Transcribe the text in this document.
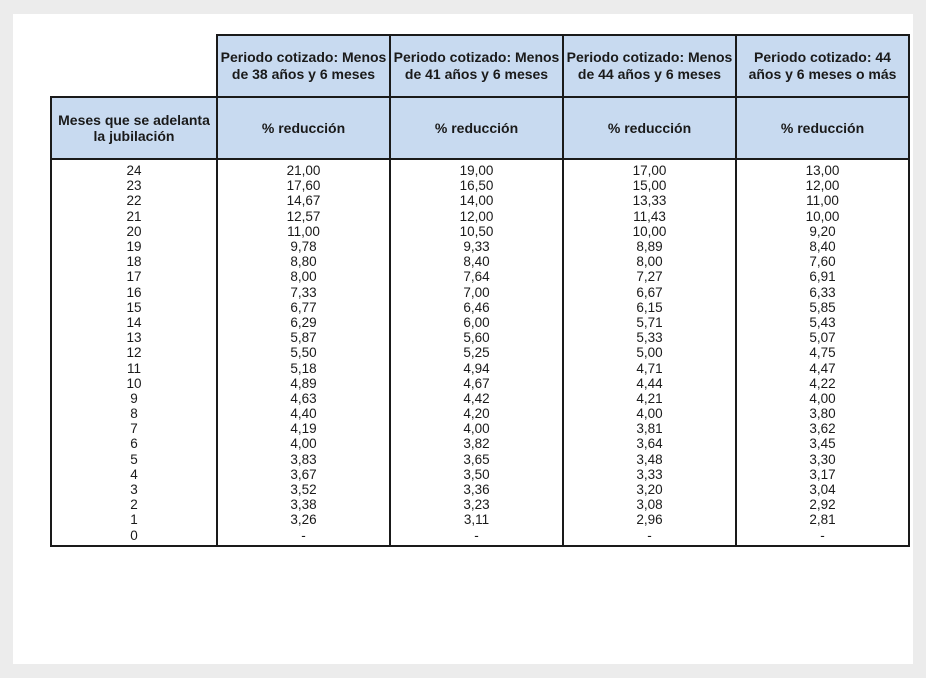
	Periodo cotizado: Menos de 38 años y 6 meses	Periodo cotizado: Menos de 41 años y 6 meses	Periodo cotizado: Menos de 44 años y 6 meses	Periodo cotizado: 44 años y 6 meses o más
Meses que se adelanta la jubilación	% reducción	% reducción	% reducción	% reducción
24	21,00	19,00	17,00	13,00
23	17,60	16,50	15,00	12,00
22	14,67	14,00	13,33	11,00
21	12,57	12,00	11,43	10,00
20	11,00	10,50	10,00	9,20
19	9,78	9,33	8,89	8,40
18	8,80	8,40	8,00	7,60
17	8,00	7,64	7,27	6,91
16	7,33	7,00	6,67	6,33
15	6,77	6,46	6,15	5,85
14	6,29	6,00	5,71	5,43
13	5,87	5,60	5,33	5,07
12	5,50	5,25	5,00	4,75
11	5,18	4,94	4,71	4,47
10	4,89	4,67	4,44	4,22
9	4,63	4,42	4,21	4,00
8	4,40	4,20	4,00	3,80
7	4,19	4,00	3,81	3,62
6	4,00	3,82	3,64	3,45
5	3,83	3,65	3,48	3,30
4	3,67	3,50	3,33	3,17
3	3,52	3,36	3,20	3,04
2	3,38	3,23	3,08	2,92
1	3,26	3,11	2,96	2,81
0	-	-	-	-
